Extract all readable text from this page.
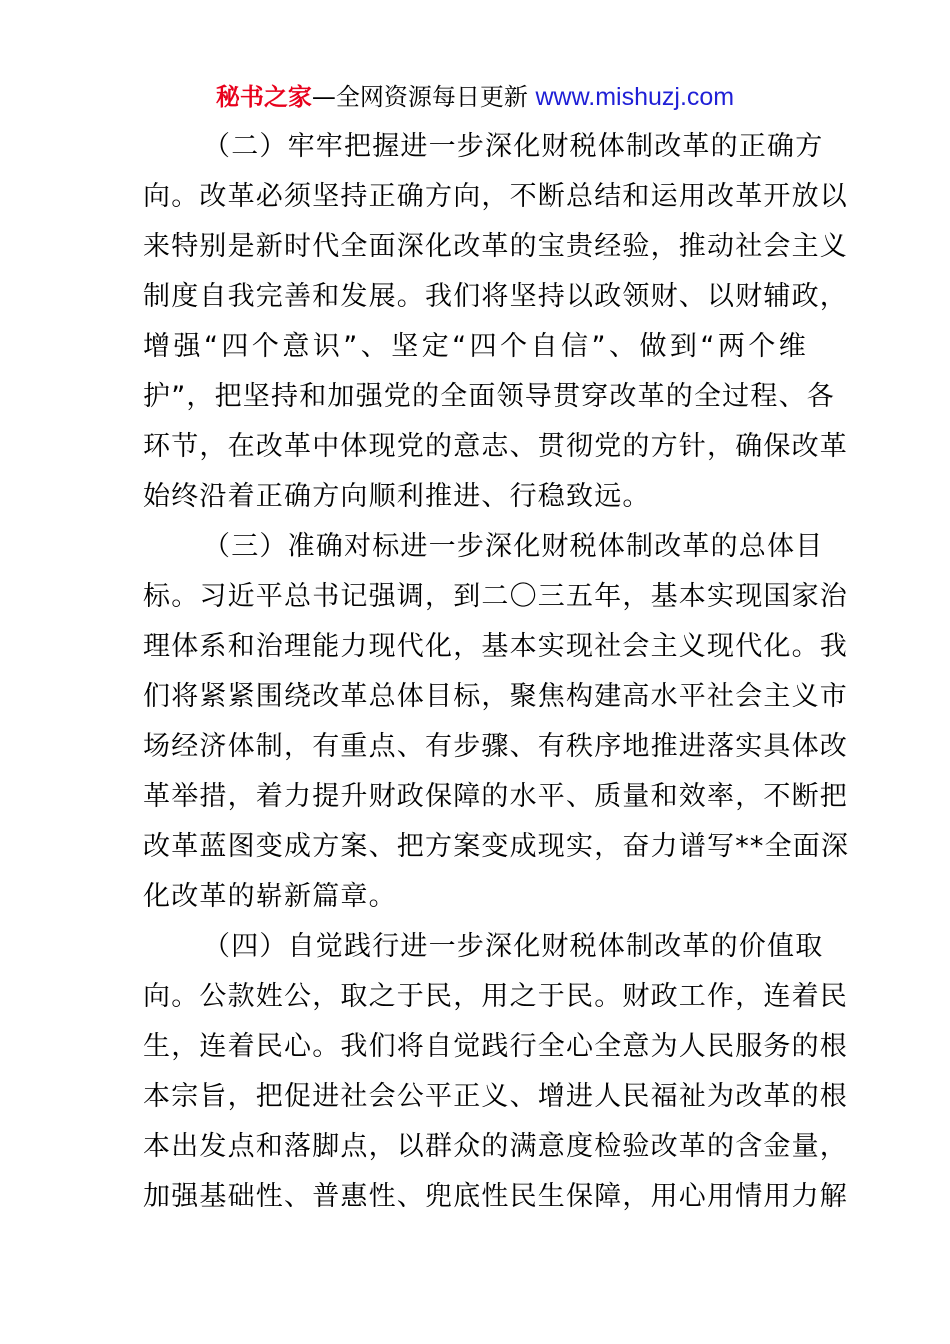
秘书之家—全网资源每日更新 www.mishuzj.com
（二）牢牢把握进一步深化财税体制改革的正确方
向。改革必须坚持正确方向，不断总结和运用改革开放以
来特别是新时代全面深化改革的宝贵经验，推动社会主义
制度自我完善和发展。我们将坚持以政领财、以财辅政，
增强“四个意识”、坚定“四个自信”、做到“两个维
护”，把坚持和加强党的全面领导贯穿改革的全过程、各
环节，在改革中体现党的意志、贯彻党的方针，确保改革
始终沿着正确方向顺利推进、行稳致远。
（三）准确对标进一步深化财税体制改革的总体目
标。习近平总书记强调，到二〇三五年，基本实现国家治
理体系和治理能力现代化，基本实现社会主义现代化。我
们将紧紧围绕改革总体目标，聚焦构建高水平社会主义市
场经济体制，有重点、有步骤、有秩序地推进落实具体改
革举措，着力提升财政保障的水平、质量和效率，不断把
改革蓝图变成方案、把方案变成现实，奋力谱写**全面深
化改革的崭新篇章。
（四）自觉践行进一步深化财税体制改革的价值取
向。公款姓公，取之于民，用之于民。财政工作，连着民
生，连着民心。我们将自觉践行全心全意为人民服务的根
本宗旨，把促进社会公平正义、增进人民福祉为改革的根
本出发点和落脚点，以群众的满意度检验改革的含金量，
加强基础性、普惠性、兜底性民生保障，用心用情用力解
